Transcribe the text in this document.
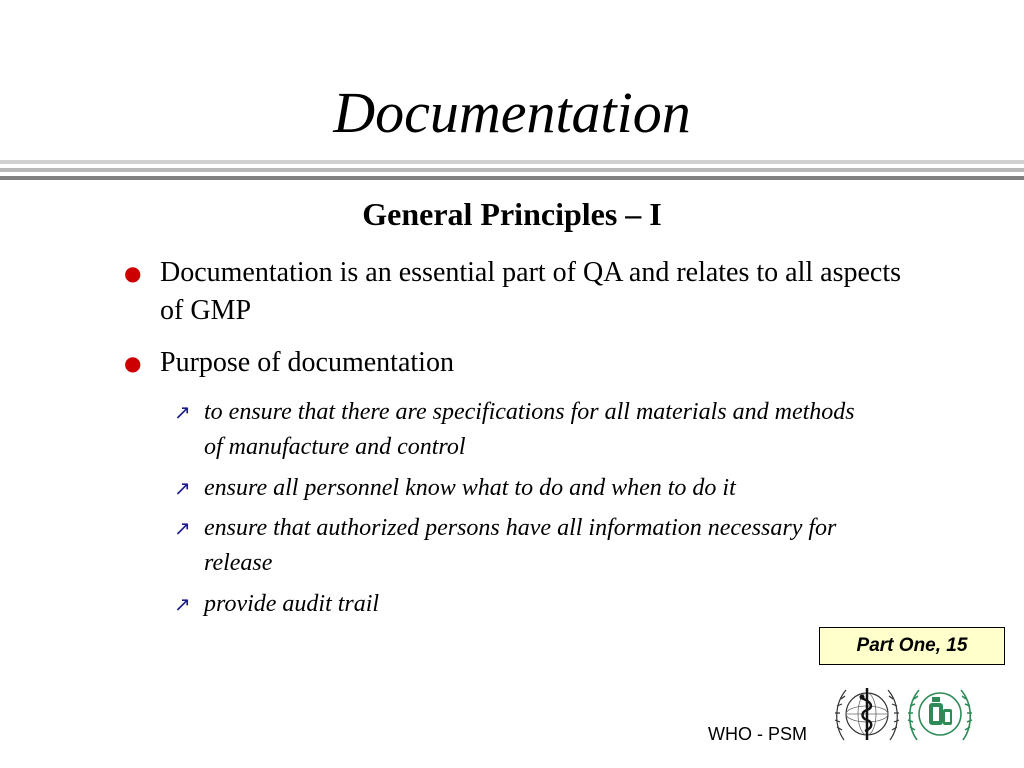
Documentation
General Principles – I
● Documentation is an essential part of QA and relates to all aspects of GMP
● Purpose of documentation
↗ to ensure that there are specifications for all materials and methods of manufacture and control
↗ ensure all personnel know what to do and when to do it
↗ ensure that authorized persons have all information necessary for release
↗ provide audit trail
Part One, 15
WHO - PSM
